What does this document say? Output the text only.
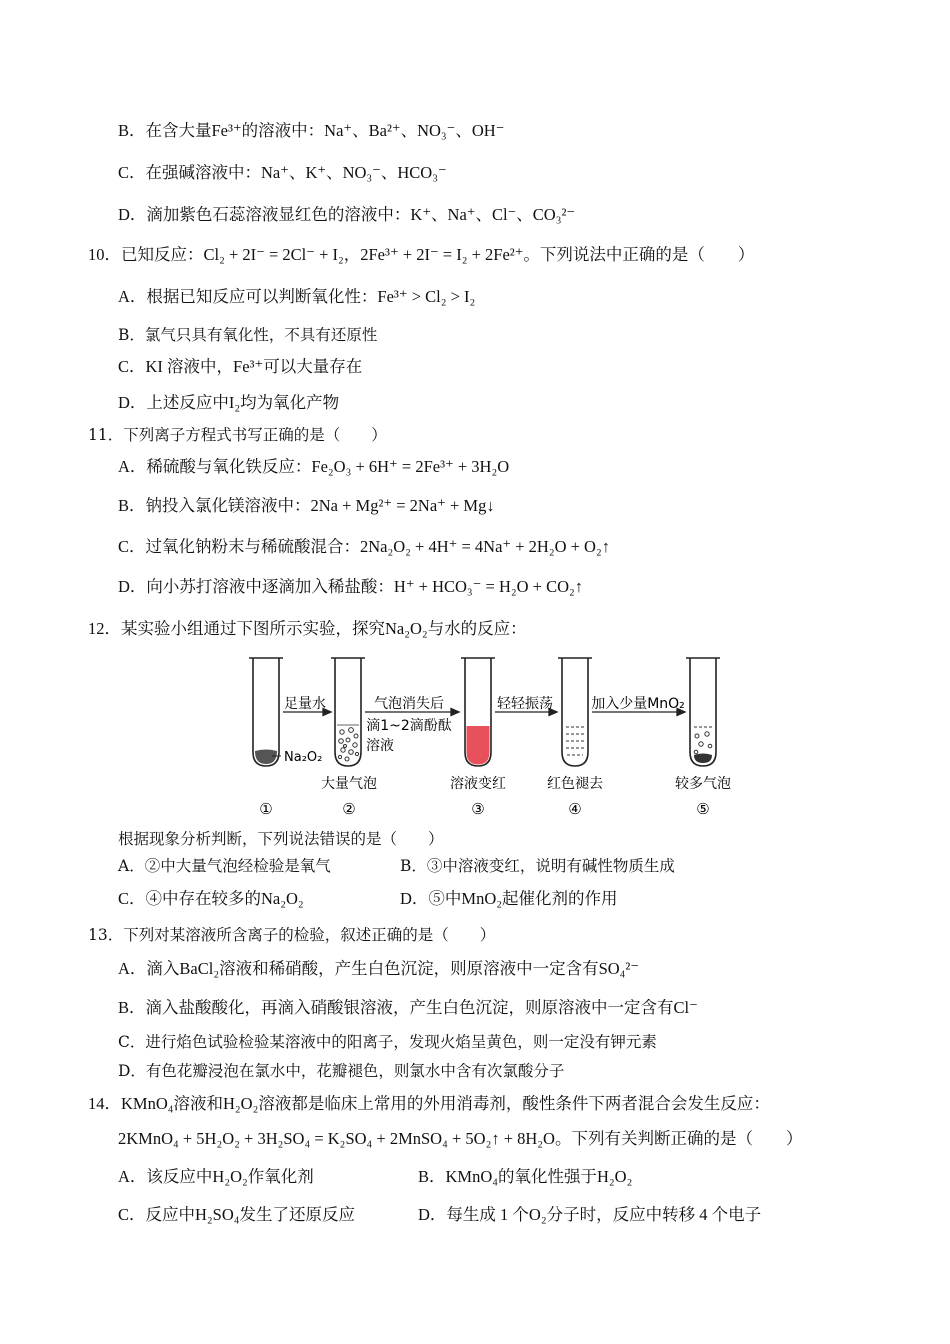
B．在含大量Fe³⁺的溶液中：Na⁺、Ba²⁺、NO₃⁻、OH⁻
C．在强碱溶液中：Na⁺、K⁺、NO₃⁻、HCO₃⁻
D．滴加紫色石蕊溶液显红色的溶液中：K⁺、Na⁺、Cl⁻、CO₃²⁻
10．已知反应：Cl₂ + 2I⁻ = 2Cl⁻ + I₂，2Fe³⁺ + 2I⁻ = I₂ + 2Fe²⁺。下列说法中正确的是（　　）
A．根据已知反应可以判断氧化性：Fe³⁺ > Cl₂ > I₂
B．氯气只具有氧化性，不具有还原性
C．KI 溶液中，Fe³⁺可以大量存在
D．上述反应中I₂均为氧化产物
11．下列离子方程式书写正确的是（　　）
A．稀硫酸与氧化铁反应：Fe₂O₃ + 6H⁺ = 2Fe³⁺ + 3H₂O
B．钠投入氯化镁溶液中：2Na + Mg²⁺ = 2Na⁺ + Mg↓
C．过氧化钠粉末与稀硫酸混合：2Na₂O₂ + 4H⁺ = 4Na⁺ + 2H₂O + O₂↑
D．向小苏打溶液中逐滴加入稀盐酸：H⁺ + HCO₃⁻ = H₂O + CO₂↑
12．某实验小组通过下图所示实验，探究Na₂O₂与水的反应：
足量水	气泡消失后
滴1~2滴酚酞
溶液
轻轻振荡	加入少量MnO₂
Na₂O₂
大量气泡	溶液变红	红色褪去	较多气泡
①	②	③	④	⑤
根据现象分析判断，下列说法错误的是（　　）
A．②中大量气泡经检验是氧气	B．③中溶液变红，说明有碱性物质生成
C．④中存在较多的Na₂O₂	D．⑤中MnO₂起催化剂的作用
13．下列对某溶液所含离子的检验，叙述正确的是（　　）
A．滴入BaCl₂溶液和稀硝酸，产生白色沉淀，则原溶液中一定含有SO₄²⁻
B．滴入盐酸酸化，再滴入硝酸银溶液，产生白色沉淀，则原溶液中一定含有Cl⁻
C．进行焰色试验检验某溶液中的阳离子，发现火焰呈黄色，则一定没有钾元素
D．有色花瓣浸泡在氯水中，花瓣褪色，则氯水中含有次氯酸分子
14．KMnO₄溶液和H₂O₂溶液都是临床上常用的外用消毒剂，酸性条件下两者混合会发生反应：
2KMnO₄ + 5H₂O₂ + 3H₂SO₄ = K₂SO₄ + 2MnSO₄ + 5O₂↑ + 8H₂O。下列有关判断正确的是（　　）
A．该反应中H₂O₂作氧化剂	B．KMnO₄的氧化性强于H₂O₂
C．反应中H₂SO₄发生了还原反应	D．每生成 1 个O₂分子时，反应中转移 4 个电子
